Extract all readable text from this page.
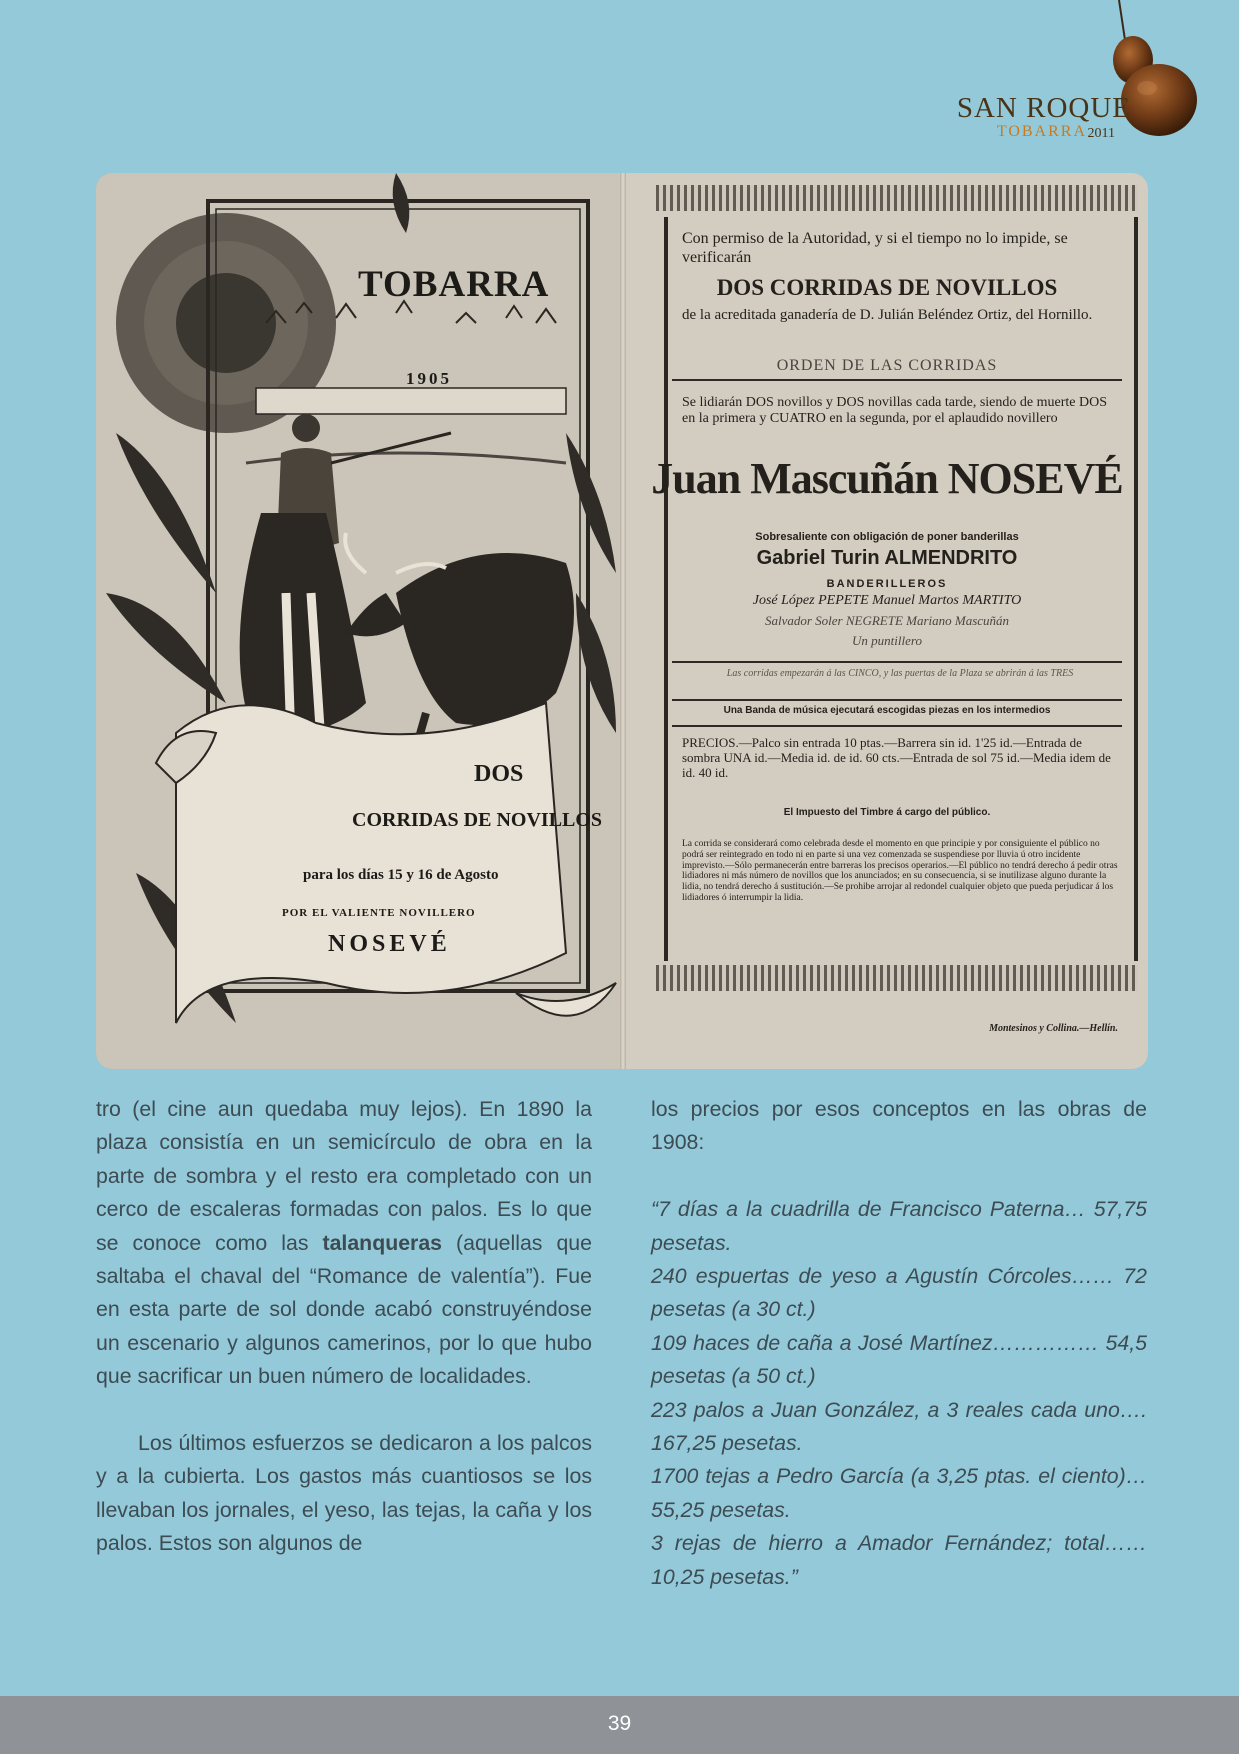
SAN ROQUE
TOBARRA 2011
TOBARRA
1905
DOS
CORRIDAS DE NOVILLOS
para los días 15 y 16 de Agosto
POR EL VALIENTE NOVILLERO
NOSEVÉ
Con permiso de la Autoridad, y si el tiempo no lo impide, se verificarán
DOS CORRIDAS DE NOVILLOS
de la acreditada ganadería de D. Julián Beléndez Ortiz, del Hornillo.
ORDEN DE LAS CORRIDAS
Se lidiarán DOS novillos y DOS novillas cada tarde, siendo de muerte DOS en la primera y CUATRO en la segunda, por el aplaudido novillero
Juan Mascuñán NOSEVÉ
Sobresaliente con obligación de poner banderillas
Gabriel Turin ALMENDRITO
BANDERILLEROS
José López PEPETE Manuel Martos MARTITO
Salvador Soler NEGRETE Mariano Mascuñán
Un puntillero
Las corridas empezarán á las CINCO, y las puertas de la Plaza se abrirán á las TRES
Una Banda de música ejecutará escogidas piezas en los intermedios
PRECIOS.—Palco sin entrada 10 ptas.—Barrera sin id. 1'25 id.—Entrada de sombra UNA id.—Media id. de id. 60 cts.—Entrada de sol 75 id.—Media idem de id. 40 id.
El Impuesto del Timbre á cargo del público.
La corrida se considerará como celebrada desde el momento en que principie y por consiguiente el público no podrá ser reintegrado en todo ni en parte si una vez comenzada se suspendiese por lluvia ú otro incidente imprevisto.—Sólo permanecerán entre barreras los precisos operarios.—El público no tendrá derecho á pedir otras lidiadores ni más número de novillos que los anunciados; en su consecuencia, si se inutilizase alguno durante la lidia, no tendrá derecho á sustitución.—Se prohibe arrojar al redondel cualquier objeto que pueda perjudicar á los lidiadores ó interrumpir la lidia.
Montesinos y Collina.—Hellín.

tro (el cine aun quedaba muy lejos). En 1890 la plaza consistía en un semicírculo de obra en la parte de sombra y el resto era completado con un cerco de escaleras formadas con palos. Es lo que se conoce como las talanqueras (aquellas que saltaba el chaval del “Romance de valentía”). Fue en esta parte de sol donde acabó construyéndose un escenario y algunos camerinos, por lo que hubo que sacrificar un buen número de localidades.

Los últimos esfuerzos se dedicaron a los palcos y a la cubierta. Los gastos más cuantiosos se los llevaban los jornales, el yeso, las tejas, la caña y los palos. Estos son algunos de

los precios por esos conceptos en las obras de 1908:

“7 días a la cuadrilla de Francisco Paterna… 57,75 pesetas.
240 espuertas de yeso a Agustín Córcoles…… 72 pesetas (a 30 ct.)
109 haces de caña a José Martínez…………… 54,5 pesetas (a 50 ct.)
223 palos a Juan González, a 3 reales cada uno…. 167,25 pesetas.
1700 tejas a Pedro García (a 3,25 ptas. el ciento)… 55,25 pesetas.
3 rejas de hierro a Amador Fernández; total…… 10,25 pesetas.”

39
